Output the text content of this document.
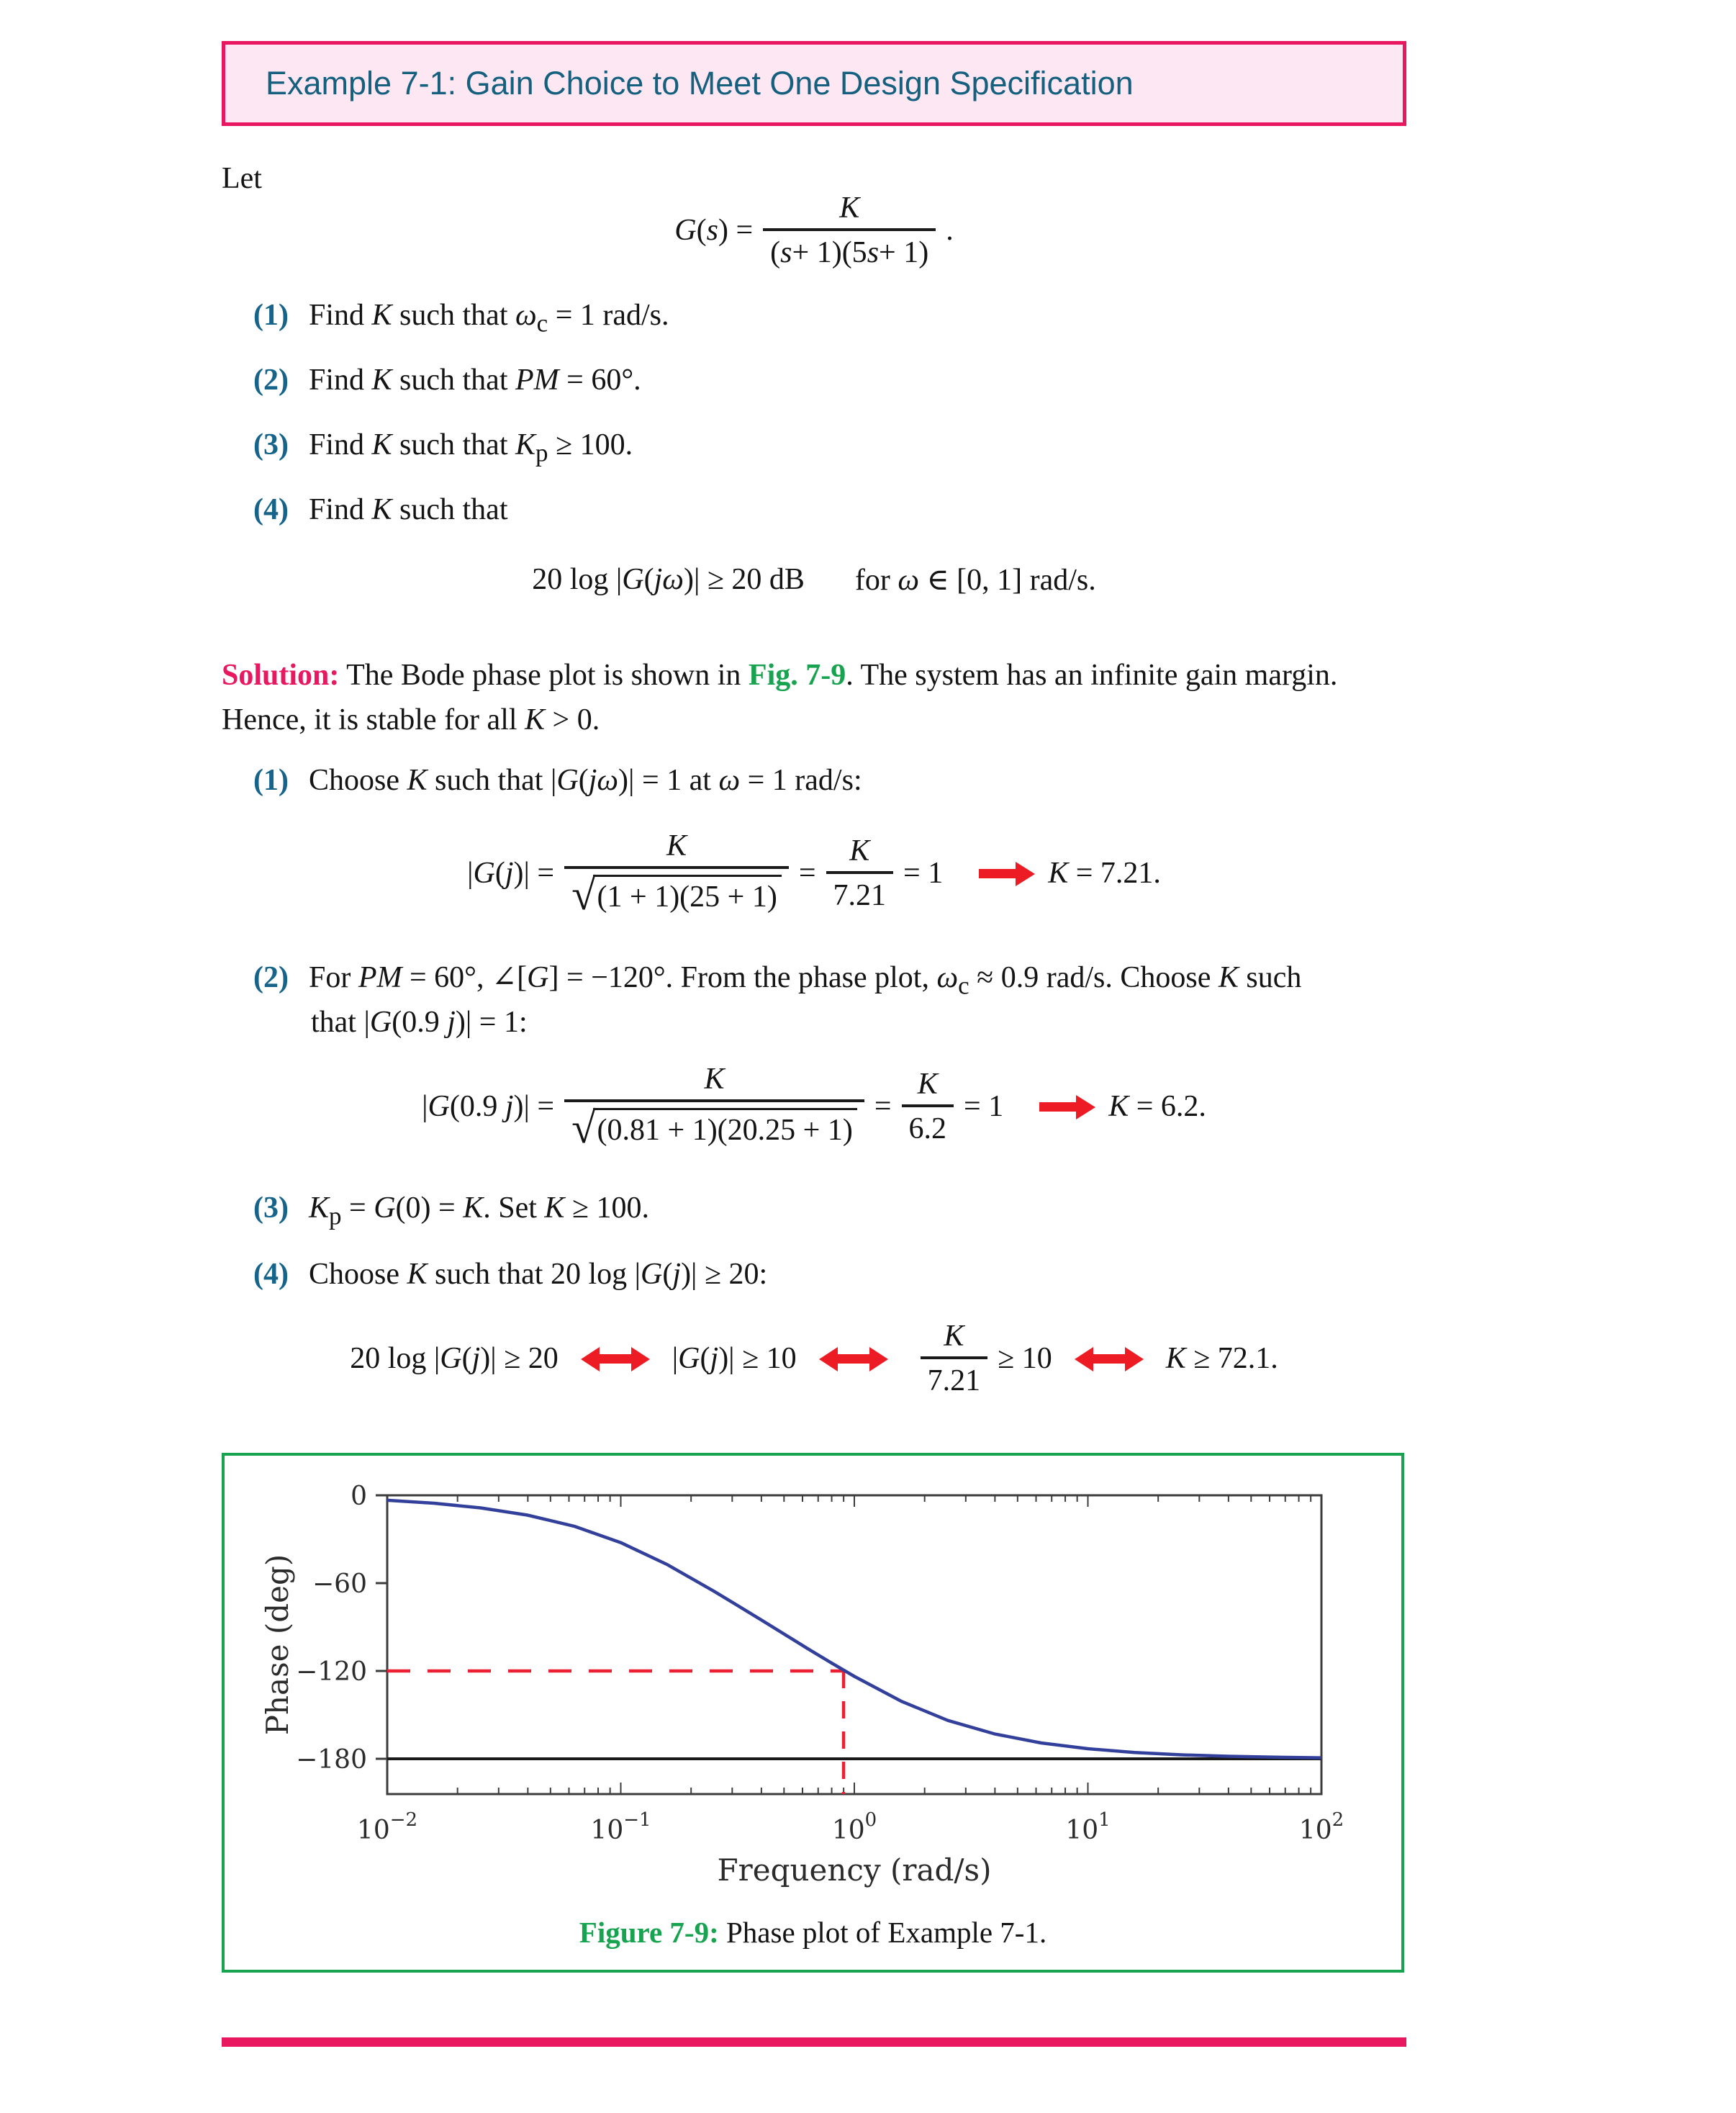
Example 7-1: Gain Choice to Meet One Design Specification
Let
$G(s) = \frac{K}{( s + 1)(5 s + 1)}$ .
(1) Find K such that $\omega_c = 1$ rad/s.
(2) Find K such that PM = 60°.
(3) Find K such that $K_p \ge 100$.
(4) Find K such that
20 log |G(jω)| ≥ 20 dB for ω ∈ [0, 1] rad/s.
Solution: The Bode phase plot is shown in Fig. 7-9. The system has an infinite gain margin.
Hence, it is stable for all K > 0.
(1) Choose K such that |G(jω)| = 1 at ω = 1 rad/s:
$|G(j)| = \frac{K}{√ (1 + 1)(25 + 1)} = \frac{K}{7.21} = 1$	K = 7.21.
(2) For PM = 60°, ∠[G] = −120°. From the phase plot, $\omega_c \approx 0.9$ rad/s. Choose K such
that |G(0.9 j)| = 1:
|G(0.9 $j)| = \frac{K}{√ (0.81 + 1)(20.25 + 1)} = \frac{K}{6.2} = 1$	K = 6.2.
(3) $K_p = G(0) = K$. Set K ≥ 100.
(4) Choose K such that 20 log |G(j)| ≥ 20:
20 log |G(j)| ≥ 20	|G(j)| ≥ 10	$\frac{K}{7.21} \ge 10$	K ≥ 72.1.
0
−60
−120
−180
$10^{-2}$	$10^{-1}$	$10^0$	$10^1$	$10^2$
Frequency (rad/s)
Phase (deg)
Figure 7-9: Phase plot of Example 7-1.
